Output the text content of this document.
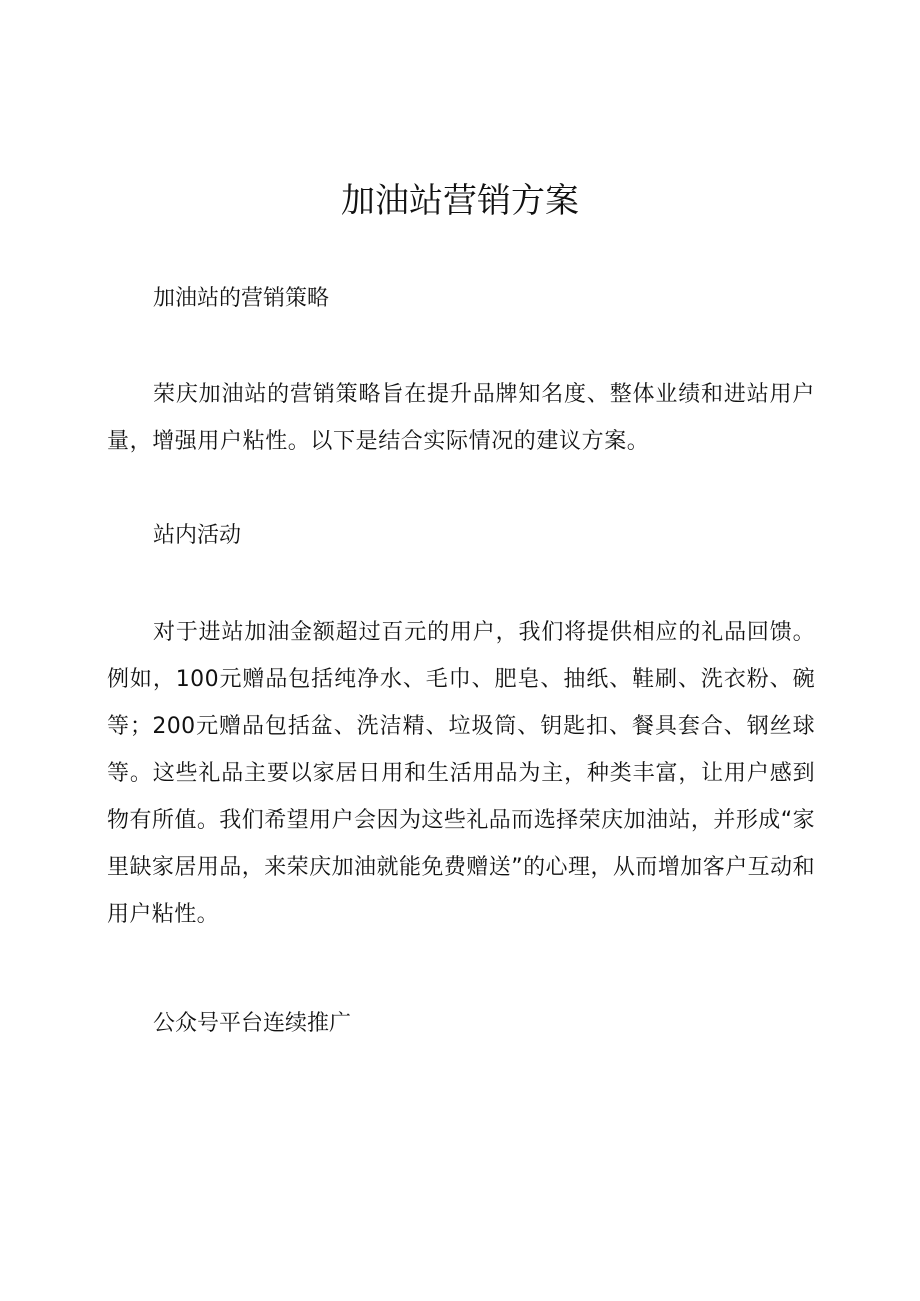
加油站营销方案
加油站的营销策略

荣庆加油站的营销策略旨在提升品牌知名度、整体业绩和进站用户量，增强用户粘性。以下是结合实际情况的建议方案。

站内活动

对于进站加油金额超过百元的用户，我们将提供相应的礼品回馈。例如，100元赠品包括纯净水、毛巾、肥皂、抽纸、鞋刷、洗衣粉、碗等；200元赠品包括盆、洗洁精、垃圾筒、钥匙扣、餐具套合、钢丝球等。这些礼品主要以家居日用和生活用品为主，种类丰富，让用户感到物有所值。我们希望用户会因为这些礼品而选择荣庆加油站，并形成“家里缺家居用品，来荣庆加油就能免费赠送”的心理，从而增加客户互动和用户粘性。

公众号平台连续推广
